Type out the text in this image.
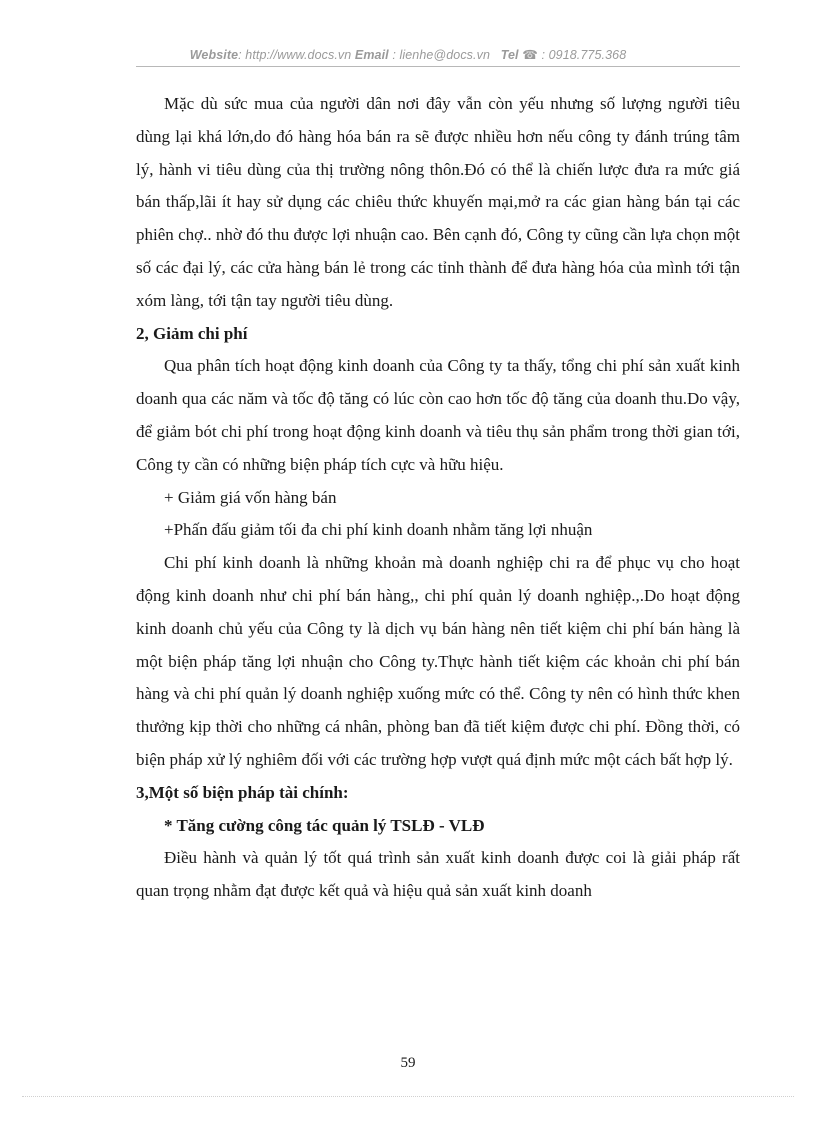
Website: http://www.docs.vn Email : lienhe@docs.vn Tel ☎ : 0918.775.368

Mặc dù sức mua của người dân nơi đây vẫn còn yếu nhưng số lượng người tiêu dùng lại khá lớn,do đó hàng hóa bán ra sẽ được nhiều hơn nếu công ty đánh trúng tâm lý, hành vi tiêu dùng của thị trường nông thôn.Đó có thể là chiến lược đưa ra mức giá bán thấp,lãi ít hay sử dụng các chiêu thức khuyến mại,mở ra các gian hàng bán tại các phiên chợ.. nhờ đó thu được lợi nhuận cao. Bên cạnh đó, Công ty cũng cần lựa chọn một số các đại lý, các cửa hàng bán lẻ trong các tỉnh thành để đưa hàng hóa của mình tới tận xóm làng, tới tận tay người tiêu dùng.

2, Giảm chi phí

Qua phân tích hoạt động kinh doanh của Công ty ta thấy, tổng chi phí sản xuất kinh doanh qua các năm và tốc độ tăng có lúc còn cao hơn tốc độ tăng của doanh thu.Do vậy, để giảm bót chi phí trong hoạt động kinh doanh và tiêu thụ sản phẩm trong thời gian tới, Công ty cần có những biện pháp tích cực và hữu hiệu.

+ Giảm giá vốn hàng bán

+Phấn đấu giảm tối đa chi phí kinh doanh nhằm tăng lợi nhuận

Chi phí kinh doanh là những khoản mà doanh nghiệp chi ra để phục vụ cho hoạt động kinh doanh như chi phí bán hàng,, chi phí quản lý doanh nghiệp.,.Do hoạt động kinh doanh chủ yếu của Công ty là dịch vụ bán hàng nên tiết kiệm chi phí bán hàng là một biện pháp tăng lợi nhuận cho Công ty.Thực hành tiết kiệm các khoản chi phí bán hàng và chi phí quản lý doanh nghiệp xuống mức có thể. Công ty nên có hình thức khen thưởng kịp thời cho những cá nhân, phòng ban đã tiết kiệm được chi phí. Đồng thời, có biện pháp xử lý nghiêm đối với các trường hợp vượt quá định mức một cách bất hợp lý.

3,Một số biện pháp tài chính:

* Tăng cường công tác quản lý TSLĐ - VLĐ

Điều hành và quản lý tốt quá trình sản xuất kinh doanh được coi là giải pháp rất quan trọng nhằm đạt được kết quả và hiệu quả sản xuất kinh doanh

59
